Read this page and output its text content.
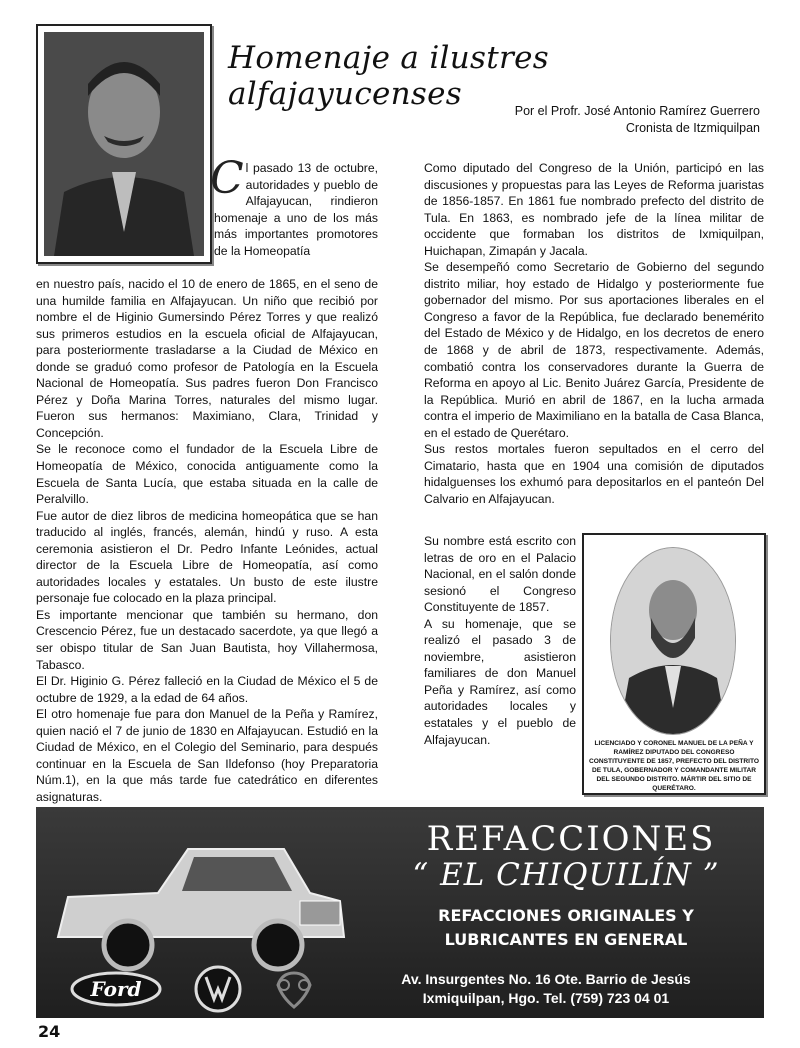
Homenaje a ilustres alfajayucenses	Por el Profr. José Antonio Ramírez Guerrero
Cronista de Itzmiquilpan
C l pasado 13 de octubre, autoridades y pueblo de Alfajayucan, rindieron homenaje a uno de los más más importantes promotores de la Homeopatía

en nuestro país, nacido el 10 de enero de 1865, en el seno de una humilde familia en Alfajayucan. Un niño que recibió por nombre el de Higinio Gumersindo Pérez Torres y que realizó sus primeros estudios en la escuela oficial de Alfajayucan, para posteriormente trasladarse a la Ciudad de México en donde se graduó como profesor de Patología en la Escuela Nacional de Homeopatía. Sus padres fueron Don Francisco Pérez y Doña Marina Torres, naturales del mismo lugar. Fueron sus hermanos: Maximiano, Clara, Trinidad y Concepción.

Se le reconoce como el fundador de la Escuela Libre de Homeopatía de México, conocida antiguamente como la Escuela de Santa Lucía, que estaba situada en la calle de Peralvillo.

Fue autor de diez libros de medicina homeopática que se han traducido al inglés, francés, alemán, hindú y ruso. A esta ceremonia asistieron el Dr. Pedro Infante Leónides, actual director de la Escuela Libre de Homeopatía, así como autoridades locales y estatales. Un busto de este ilustre personaje fue colocado en la plaza principal.

Es importante mencionar que también su hermano, don Crescencio Pérez, fue un destacado sacerdote, ya que llegó a ser obispo titular de San Juan Bautista, hoy Villahermosa, Tabasco.

El Dr. Higinio G. Pérez falleció en la Ciudad de México el 5 de octubre de 1929, a la edad de 64 años.

El otro homenaje fue para don Manuel de la Peña y Ramírez, quien nació el 7 de junio de 1830 en Alfajayucan. Estudió en la Ciudad de México, en el Colegio del Seminario, para después continuar en la Escuela de San Ildefonso (hoy Preparatoria Núm.1), en la que más tarde fue catedrático en diferentes asignaturas.

Como diputado del Congreso de la Unión, participó en las discusiones y propuestas para las Leyes de Reforma juaristas de 1856-1857. En 1861 fue nombrado prefecto del distrito de Tula. En 1863, es nombrado jefe de la línea militar de occidente que formaban los distritos de Ixmiquilpan, Huichapan, Zimapán y Jacala.

Se desempeñó como Secretario de Gobierno del segundo distrito miliar, hoy estado de Hidalgo y posteriormente fue gobernador del mismo. Por sus aportaciones liberales en el Congreso a favor de la República, fue declarado benemérito del Estado de México y de Hidalgo, en los decretos de enero de 1868 y de abril de 1873, respectivamente. Además, combatió contra los conservadores durante la Guerra de Reforma en apoyo al Lic. Benito Juárez García, Presidente de la República. Murió en abril de 1867, en la lucha armada contra el imperio de Maximiliano en la batalla de Casa Blanca, en el estado de Querétaro.

Sus restos mortales fueron sepultados en el cerro del Cimatario, hasta que en 1904 una comisión de diputados hidalguenses los exhumó para depositarlos en el panteón Del Calvario en Alfajayucan.

Su nombre está escrito con letras de oro en el Palacio Nacional, en el salón donde sesionó el Congreso Constituyente de 1857.

A su homenaje, que se realizó el pasado 3 de noviembre, asistieron familiares de don Manuel Peña y Ramírez, así como autoridades locales y estatales y el pueblo de Alfajayucan.	LICENCIADO Y CORONEL MANUEL DE LA PEÑA Y RAMÍREZ DIPUTADO DEL CONGRESO CONSTITUYENTE DE 1857, PREFECTO DEL DISTRITO DE TULA, GOBERNADOR Y COMANDANTE MILITAR DEL SEGUNDO DISTRITO. MÁRTIR DEL SITIO DE QUERÉTARO.
REFACCIONES
“ EL CHIQUILÍN ”
REFACCIONES ORIGINALES Y
LUBRICANTES EN GENERAL
Ford	Av. Insurgentes No. 16 Ote. Barrio de Jesús
Ixmiquilpan, Hgo. Tel. (759) 723 04 01
24
